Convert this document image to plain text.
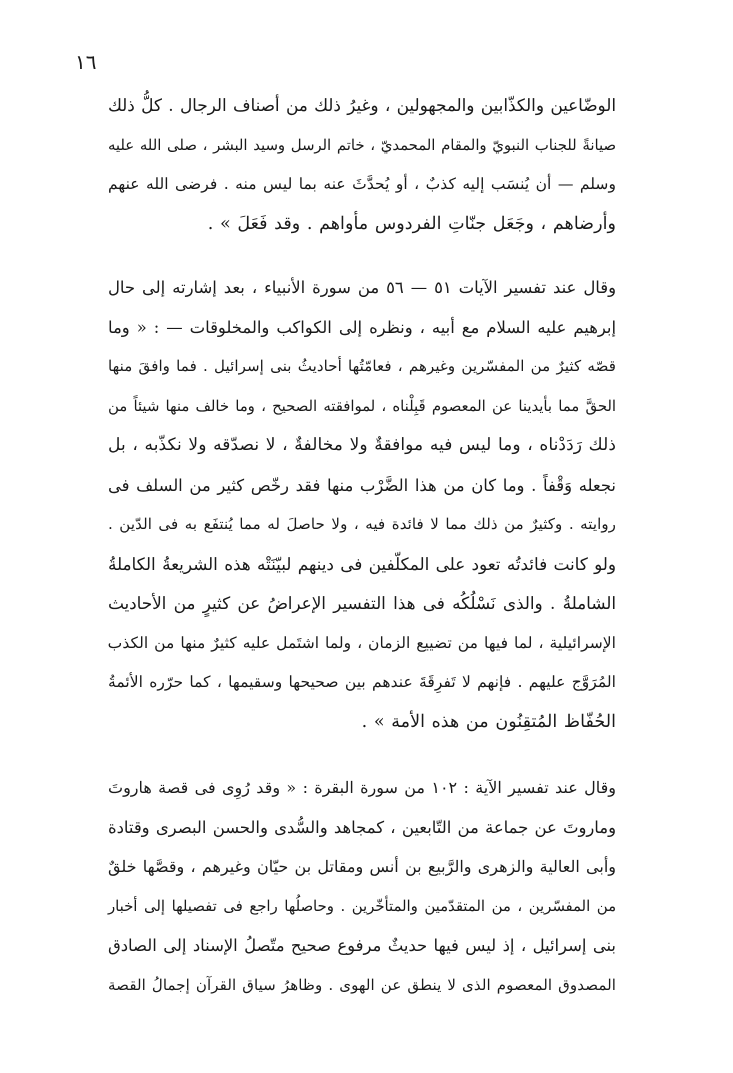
١٦
الوضّاعين والكذّابين والمجهولين ، وغيرُ ذلك من أصناف الرجال . كلُّ ذلك
صيانةً للجناب النبويّ والمقام المحمديّ ، خاتم الرسل وسيد البشر ، صلى الله عليه
وسلم — أن يُنسَب إليه كذبٌ ، أو يُحدَّثَ عنه بما ليس منه . فرضى الله عنهم
وأرضاهم ، وجَعَل جنّاتِ الفردوس مأواهم . وقد فَعَلَ » .
وقال عند تفسير الآيات ٥١ — ٥٦ من سورة الأنبياء ، بعد إشارته إلى حال
إبرهيم عليه السلام مع أبيه ، ونظره إلى الكواكب والمخلوقات — : « وما
قصّه كثيرٌ من المفسّرين وغيرهم ، فعامّتُها أحاديثُ بنى إسرائيل . فما وافقَ منها
الحقَّ مما بأيدينا عن المعصوم قَبِلْناه ، لموافقته الصحيح ، وما خالف منها شيئاً من
ذلك رَدَدْناه ، وما ليس فيه موافقةٌ ولا مخالفةٌ ، لا نصدّقه ولا نكذّبه ، بل
نجعله وَقْفاً . وما كان من هذا الضَّرْب منها فقد رخّص كثير من السلف فى
روايته . وكثيرٌ من ذلك مما لا فائدة فيه ، ولا حاصلَ له مما يُنتفَع به فى الدّين .
ولو كانت فائدتُه تعود على المكلّفين فى دينهم لبيّنَتْه هذه الشريعةُ الكاملةُ
الشاملةُ . والذى نَسْلُكُه فى هذا التفسير الإعراضُ عن كثيرٍ من الأحاديث
الإسرائيلية ، لما فيها من تضييع الزمان ، ولما اشتَمل عليه كثيرٌ منها من الكذب
المُرَوَّج عليهم . فإنهم لا تَفرِقَةَ عندهم بين صحيحها وسقيمها ، كما حرّره الأئمةُ
الحُفّاظ المُتقِنُون من هذه الأمة » .
وقال عند تفسير الآية : ١٠٢ من سورة البقرة : « وقد رُوِى فى قصة هاروتَ
وماروتَ عن جماعة من التّابعين ، كمجاهد والسُّدى والحسن البصرى وقتادة
وأبى العالية والزهرى والرَّبيع بن أنس ومقاتل بن حيّان وغيرهم ، وقصَّها خلقٌ
من المفسّرين ، من المتقدّمين والمتأخّرين . وحاصلُها راجع فى تفصيلها إلى أخبار
بنى إسرائيل ، إذ ليس فيها حديثٌ مرفوع صحيح متّصلُ الإسناد إلى الصادق
المصدوق المعصوم الذى لا ينطق عن الهوى . وظاهرُ سياق القرآن إجمالُ القصة
